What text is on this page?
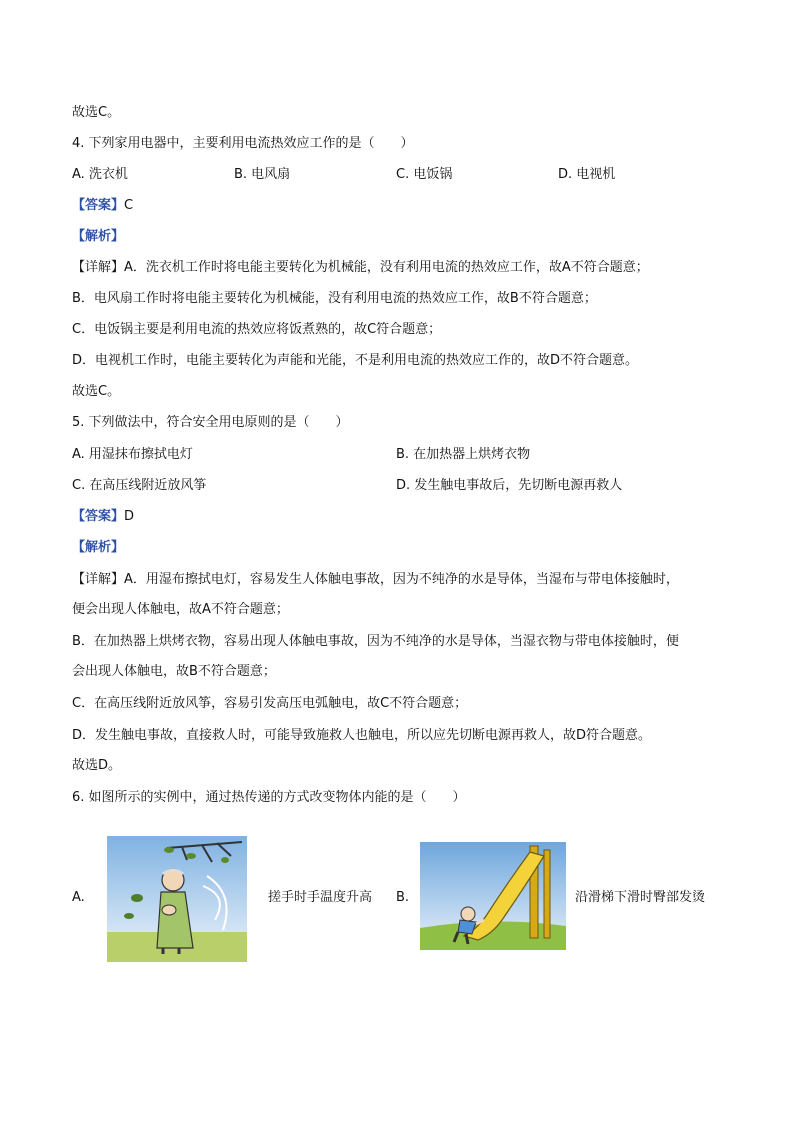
故选C。
4. 下列家用电器中，主要利用电流热效应工作的是（　　）
A. 洗衣机	B. 电风扇	C. 电饭锅	D. 电视机
【答案】C
【解析】
【详解】A．洗衣机工作时将电能主要转化为机械能，没有利用电流的热效应工作，故A不符合题意；
B．电风扇工作时将电能主要转化为机械能，没有利用电流的热效应工作，故B不符合题意；
C．电饭锅主要是利用电流的热效应将饭煮熟的，故C符合题意；
D．电视机工作时，电能主要转化为声能和光能，不是利用电流的热效应工作的，故D不符合题意。
故选C。
5. 下列做法中，符合安全用电原则的是（　　）
A. 用湿抹布擦拭电灯	B. 在加热器上烘烤衣物
C. 在高压线附近放风筝	D. 发生触电事故后，先切断电源再救人
【答案】D
【解析】
【详解】A．用湿布擦拭电灯，容易发生人体触电事故，因为不纯净的水是导体，当湿布与带电体接触时，
便会出现人体触电，故A不符合题意；
B．在加热器上烘烤衣物，容易出现人体触电事故，因为不纯净的水是导体，当湿衣物与带电体接触时，便
会出现人体触电，故B不符合题意；
C．在高压线附近放风筝，容易引发高压电弧触电，故C不符合题意；
D．发生触电事故，直接救人时，可能导致施救人也触电，所以应先切断电源再救人，故D符合题意。
故选D。
6. 如图所示的实例中，通过热传递的方式改变物体内能的是（　　）
A.	搓手时手温度升高 B.	沿滑梯下滑时臀部发烫
